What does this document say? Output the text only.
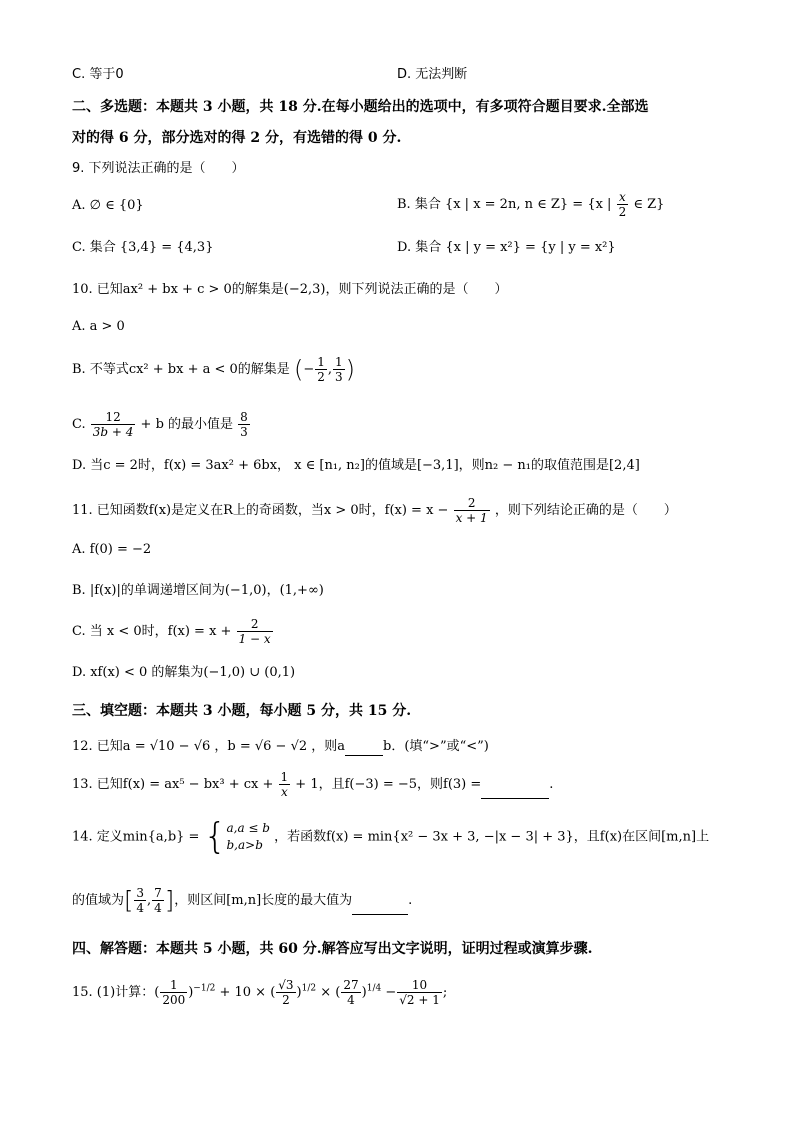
C. 等于0	D. 无法判断
二、多选题：本题共 3 小题，共 18 分.在每小题给出的选项中，有多项符合题目要求.全部选
对的得 6 分，部分选对的得 2 分，有选错的得 0 分.
9. 下列说法正确的是（　　）
A. ∅ ∈ {0}	B. 集合 {x | x = 2n, n ∈ Z} = {x | $\frac{x}{2}$ ∈ Z}
C. 集合 {3,4} = {4,3}	D. 集合 {x | y = x²} = {y | y = x²}
10. 已知ax² + bx + c > 0的解集是(−2,3)，则下列说法正确的是（　　）
A. a > 0
B. 不等式cx² + bx + a < 0的解集是 (− $\frac{1}{2}$ , $\frac{1}{3}$ )
C. $\frac{12}{3b + 4} + b$ 的最小值是 $\frac{8}{3}$
D. 当c = 2时，f(x) = 3ax² + 6bx， x ∈ [n₁, n₂]的值域是[−3,1]，则n₂ − n₁的取值范围是[2,4]
11. 已知函数f(x)是定义在R上的奇函数，当x > 0时，$f(x) = x - \frac{2}{x + 1}$ ，则下列结论正确的是（　　）
A. f(0) = −2
B. |f(x)|的单调递增区间为(−1,0)，(1,+∞)
C. 当 x < 0时，$f(x) = x + \frac{2}{1 - x}$
D. xf(x) < 0 的解集为(−1,0) ∪ (0,1)
三、填空题：本题共 3 小题，每小题 5 分，共 15 分.
12. 已知a = √10 − √6 ，b = √6 − √2 ，则a	b．(填“>”或“<”)
13. 已知f(x) = ax⁵ − bx³ + cx + $\frac{1}{x} + 1$，且f(−3) = −5，则f(3) =	.
14. 定义min{a,b} = { a,a ≤ b
b,a>b
，若函数f(x) = min{x² − 3x + 3, −|x − 3| + 3}，且f(x)在区间[m,n]上
的值域为[ $\frac{3}{4}$ , $\frac{7}{4}$ ]，则区间[m,n]长度的最大值为	.
四、解答题：本题共 5 小题，共 60 分.解答应写出文字说明，证明过程或演算步骤.
15. (1)计算：( $\frac{1}{200} )^{-1/2} + 10$ × ( $\frac{√3}{2} )^{1/2}$ × ( $\frac{27}{4} )^{1/4} - \frac{10}{√2 + 1}$ ;
